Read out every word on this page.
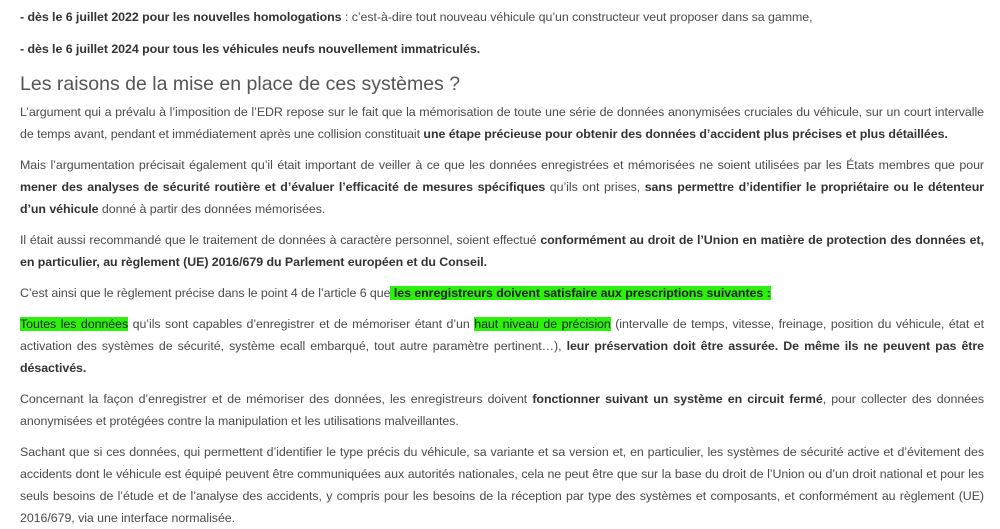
- dès le 6 juillet 2022 pour les nouvelles homologations : c’est-à-dire tout nouveau véhicule qu’un constructeur veut proposer dans sa gamme,

- dès le 6 juillet 2024 pour tous les véhicules neufs nouvellement immatriculés.

Les raisons de la mise en place de ces systèmes ?

L’argument qui a prévalu à l’imposition de l’EDR repose sur le fait que la mémorisation de toute une série de données anonymisées cruciales du véhicule, sur un court intervalle de temps avant, pendant et immédiatement après une collision constituait une étape précieuse pour obtenir des données d’accident plus précises et plus détaillées.

Mais l’argumentation précisait également qu’il était important de veiller à ce que les données enregistrées et mémorisées ne soient utilisées par les États membres que pour mener des analyses de sécurité routière et d’évaluer l’efficacité de mesures spécifiques qu’ils ont prises, sans permettre d’identifier le propriétaire ou le détenteur d’un véhicule donné à partir des données mémorisées.

Il était aussi recommandé que le traitement de données à caractère personnel, soient effectué conformément au droit de l’Union en matière de protection des données et, en particulier, au règlement (UE) 2016/679 du Parlement européen et du Conseil.

C’est ainsi que le règlement précise dans le point 4 de l’article 6 que les enregistreurs doivent satisfaire aux prescriptions suivantes :

Toutes les données qu’ils sont capables d’enregistrer et de mémoriser étant d’un haut niveau de précision (intervalle de temps, vitesse, freinage, position du véhicule, état et activation des systèmes de sécurité, système ecall embarqué, tout autre paramètre pertinent…), leur préservation doit être assurée. De même ils ne peuvent pas être désactivés.

Concernant la façon d’enregistrer et de mémoriser des données, les enregistreurs doivent fonctionner suivant un système en circuit fermé, pour collecter des données anonymisées et protégées contre la manipulation et les utilisations malveillantes.

Sachant que si ces données, qui permettent d’identifier le type précis du véhicule, sa variante et sa version et, en particulier, les systèmes de sécurité active et d’évitement des accidents dont le véhicule est équipé peuvent être communiquées aux autorités nationales, cela ne peut être que sur la base du droit de l’Union ou d’un droit national et pour les seuls besoins de l’étude et de l’analyse des accidents, y compris pour les besoins de la réception par type des systèmes et composants, et conformément au règlement (UE) 2016/679, via une interface normalisée.
